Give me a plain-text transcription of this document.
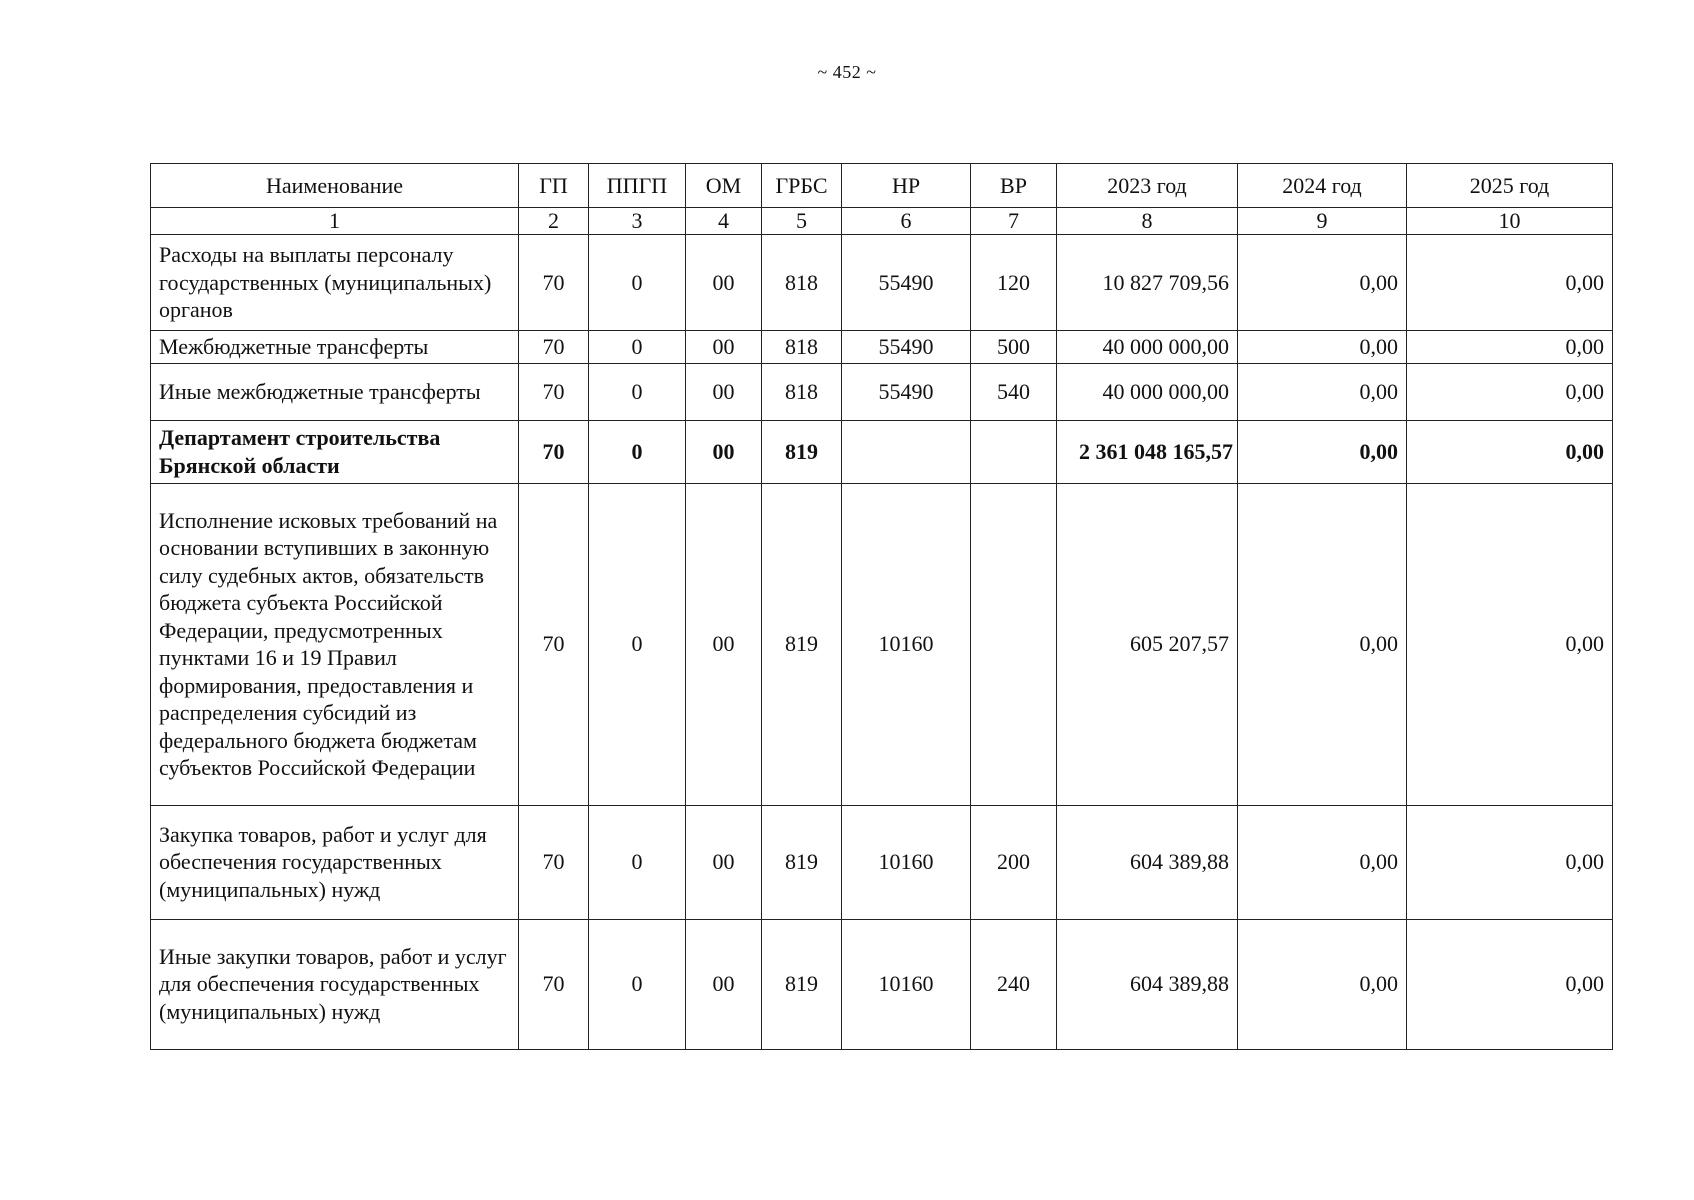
~ 452 ~
Наименование	ГП	ППГП	ОМ	ГРБС	НР	ВР	2023 год	2024 год	2025 год
1	2	3	4	5	6	7	8	9	10
Расходы на выплаты персоналу государственных (муниципальных) органов	70	0	00	818	55490	120	10 827 709,56	0,00	0,00
Межбюджетные трансферты	70	0	00	818	55490	500	40 000 000,00	0,00	0,00
Иные межбюджетные трансферты	70	0	00	818	55490	540	40 000 000,00	0,00	0,00
Департамент строительства Брянской области	70	0	00	819			2 361 048 165,57	0,00	0,00
Исполнение исковых требований на основании вступивших в законную силу судебных актов, обязательств бюджета субъекта Российской Федерации, предусмотренных пунктами 16 и 19 Правил формирования, предоставления и распределения субсидий из федерального бюджета бюджетам субъектов Российской Федерации	70	0	00	819	10160		605 207,57	0,00	0,00
Закупка товаров, работ и услуг для обеспечения государственных (муниципальных) нужд	70	0	00	819	10160	200	604 389,88	0,00	0,00
Иные закупки товаров, работ и услуг для обеспечения государственных (муниципальных) нужд	70	0	00	819	10160	240	604 389,88	0,00	0,00
